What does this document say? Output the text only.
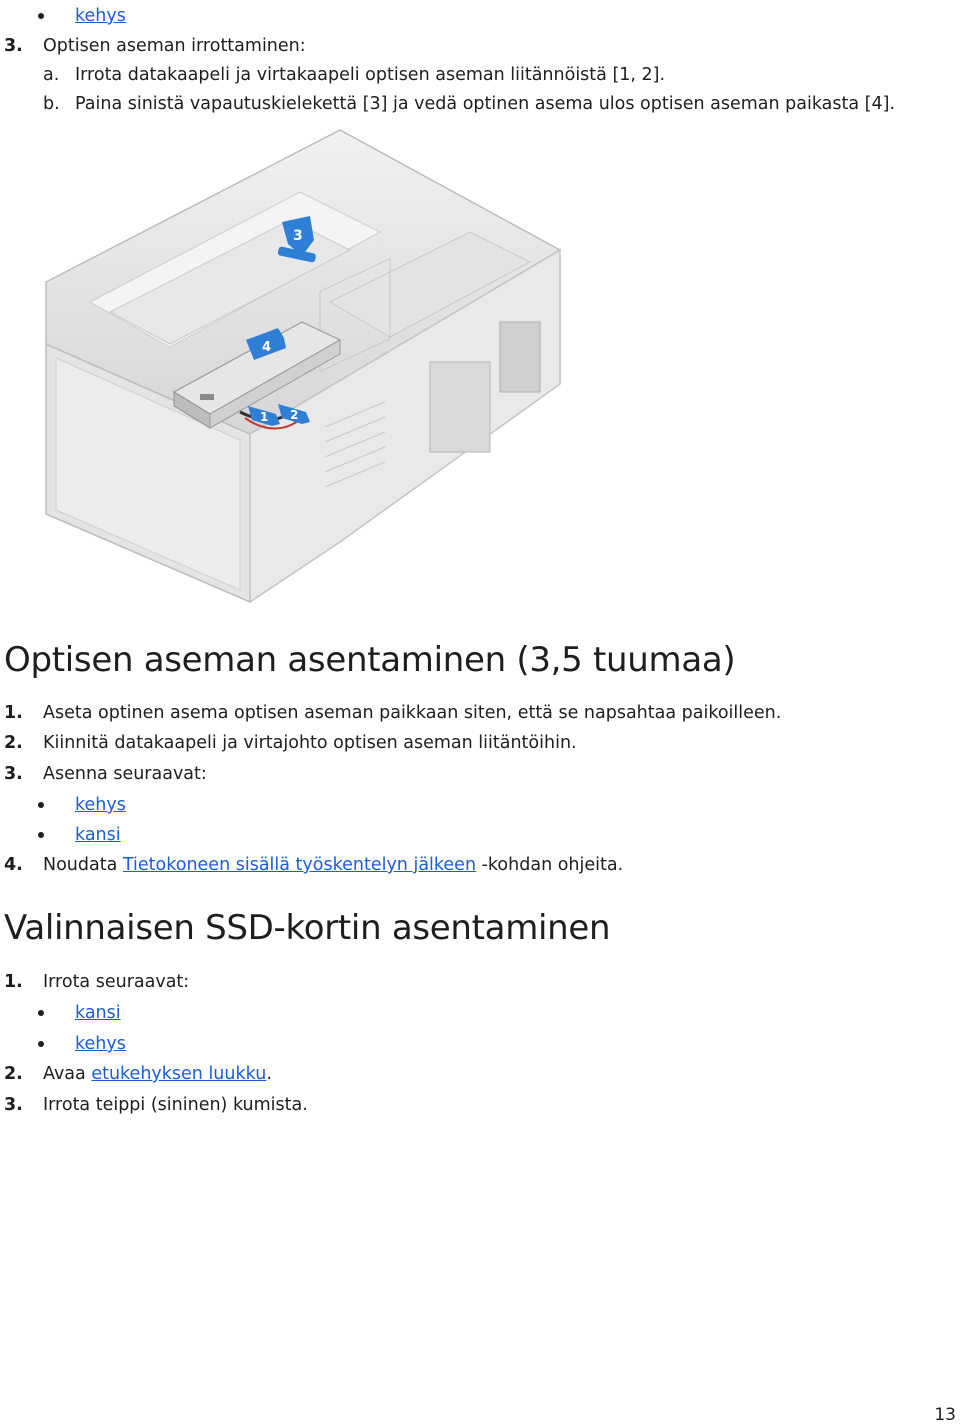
kehys
3. Optisen aseman irrottaminen:
a. Irrota datakaapeli ja virtakaapeli optisen aseman liitännöistä [1, 2].
b. Paina sinistä vapautuskielekettä [3] ja vedä optinen asema ulos optisen aseman paikasta [4].
3
4
1 2
Optisen aseman asentaminen (3,5 tuumaa)
1. Aseta optinen asema optisen aseman paikkaan siten, että se napsahtaa paikoilleen.
2. Kiinnitä datakaapeli ja virtajohto optisen aseman liitäntöihin.
3. Asenna seuraavat:
kehys
kansi
4. Noudata Tietokoneen sisällä työskentelyn jälkeen -kohdan ohjeita.
Valinnaisen SSD-kortin asentaminen
1. Irrota seuraavat:
kansi
kehys
2. Avaa etukehyksen luukku.
3. Irrota teippi (sininen) kumista.
13
